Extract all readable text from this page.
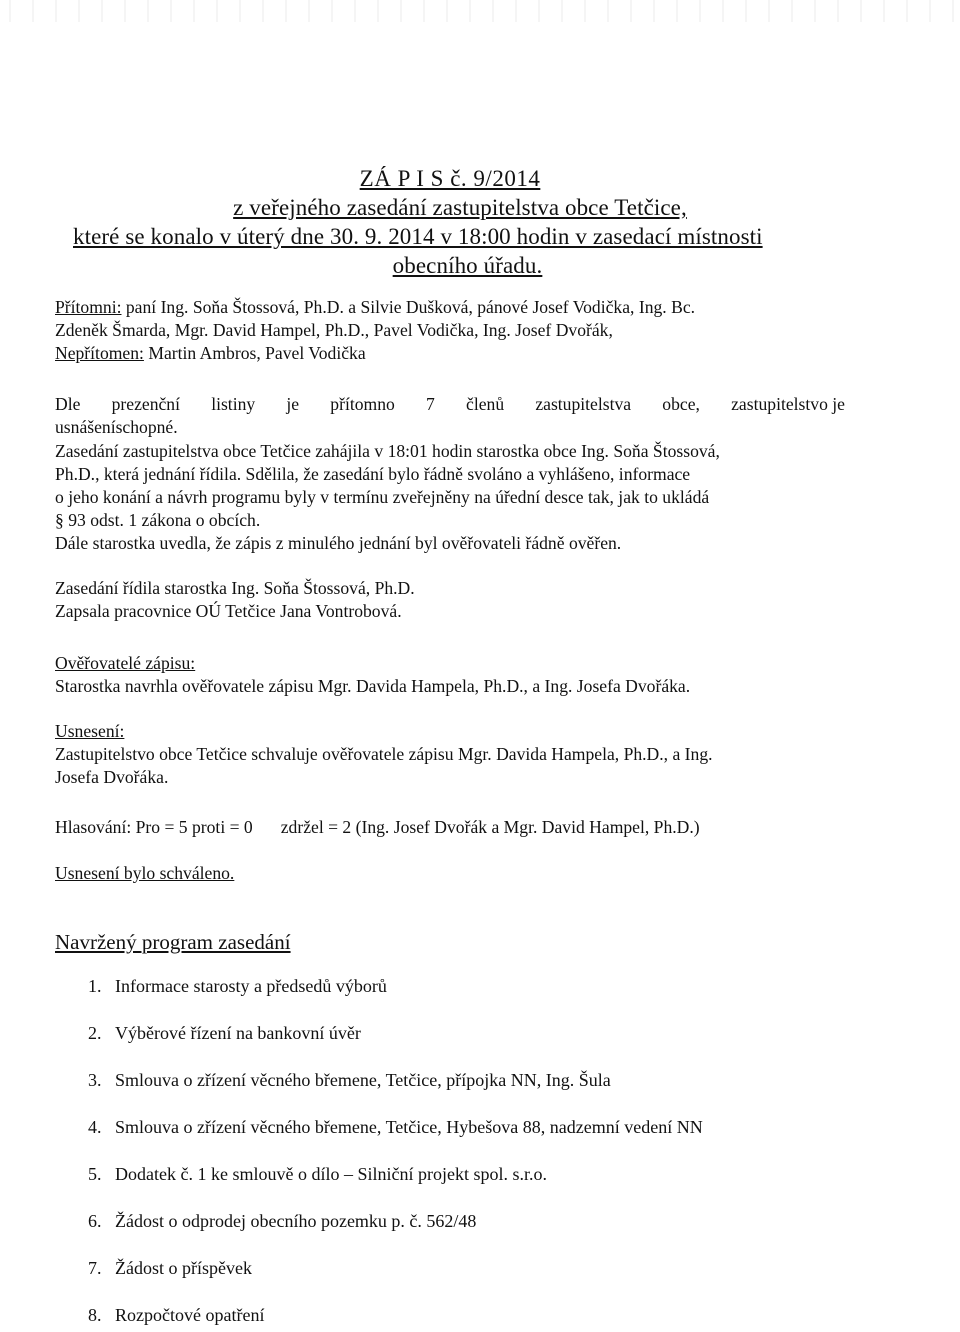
ZÁ P I S č. 9/2014
z veřejného zasedání zastupitelstva obce Tetčice,
které se konalo v úterý dne 30. 9. 2014 v 18:00 hodin v zasedací místnosti
obecního úřadu.

Přítomni: paní Ing. Soňa Štossová, Ph.D. a Silvie Dušková, pánové Josef Vodička, Ing. Bc.

Zdeněk Šmarda, Mgr. David Hampel, Ph.D., Pavel Vodička, Ing. Josef Dvořák,

Nepřítomen: Martin Ambros, Pavel Vodička

Dle prezenční listiny je přítomno 7 členů zastupitelstva obce, zastupitelstvo je

usnášeníschopné.

Zasedání zastupitelstva obce Tetčice zahájila v 18:01 hodin starostka obce Ing. Soňa Štossová,

Ph.D., která jednání řídila. Sdělila, že zasedání bylo řádně svoláno a vyhlášeno, informace

o jeho konání a návrh programu byly v termínu zveřejněny na úřední desce tak, jak to ukládá

§ 93 odst. 1 zákona o obcích.

Dále starostka uvedla, že zápis z minulého jednání byl ověřovateli řádně ověřen.

Zasedání řídila starostka Ing. Soňa Štossová, Ph.D.

Zapsala pracovnice OÚ Tetčice Jana Vontrobová.

Ověřovatelé zápisu:

Starostka navrhla ověřovatele zápisu Mgr. Davida Hampela, Ph.D., a Ing. Josefa Dvořáka.

Usnesení:

Zastupitelstvo obce Tetčice schvaluje ověřovatele zápisu Mgr. Davida Hampela, Ph.D., a Ing.

Josefa Dvořáka.

Hlasování: Pro = 5 proti = 0 zdržel = 2 (Ing. Josef Dvořák a Mgr. David Hampel, Ph.D.)

Usnesení bylo schváleno.

Navržený program zasedání
1. Informace starosty a předsedů výborů
2. Výběrové řízení na bankovní úvěr
3. Smlouva o zřízení věcného břemene, Tetčice, přípojka NN, Ing. Šula
4. Smlouva o zřízení věcného břemene, Tetčice, Hybešova 88, nadzemní vedení NN
5. Dodatek č. 1 ke smlouvě o dílo – Silniční projekt spol. s.r.o.
6. Žádost o odprodej obecního pozemku p. č. 562/48
7. Žádost o příspěvek
8. Rozpočtové opatření
